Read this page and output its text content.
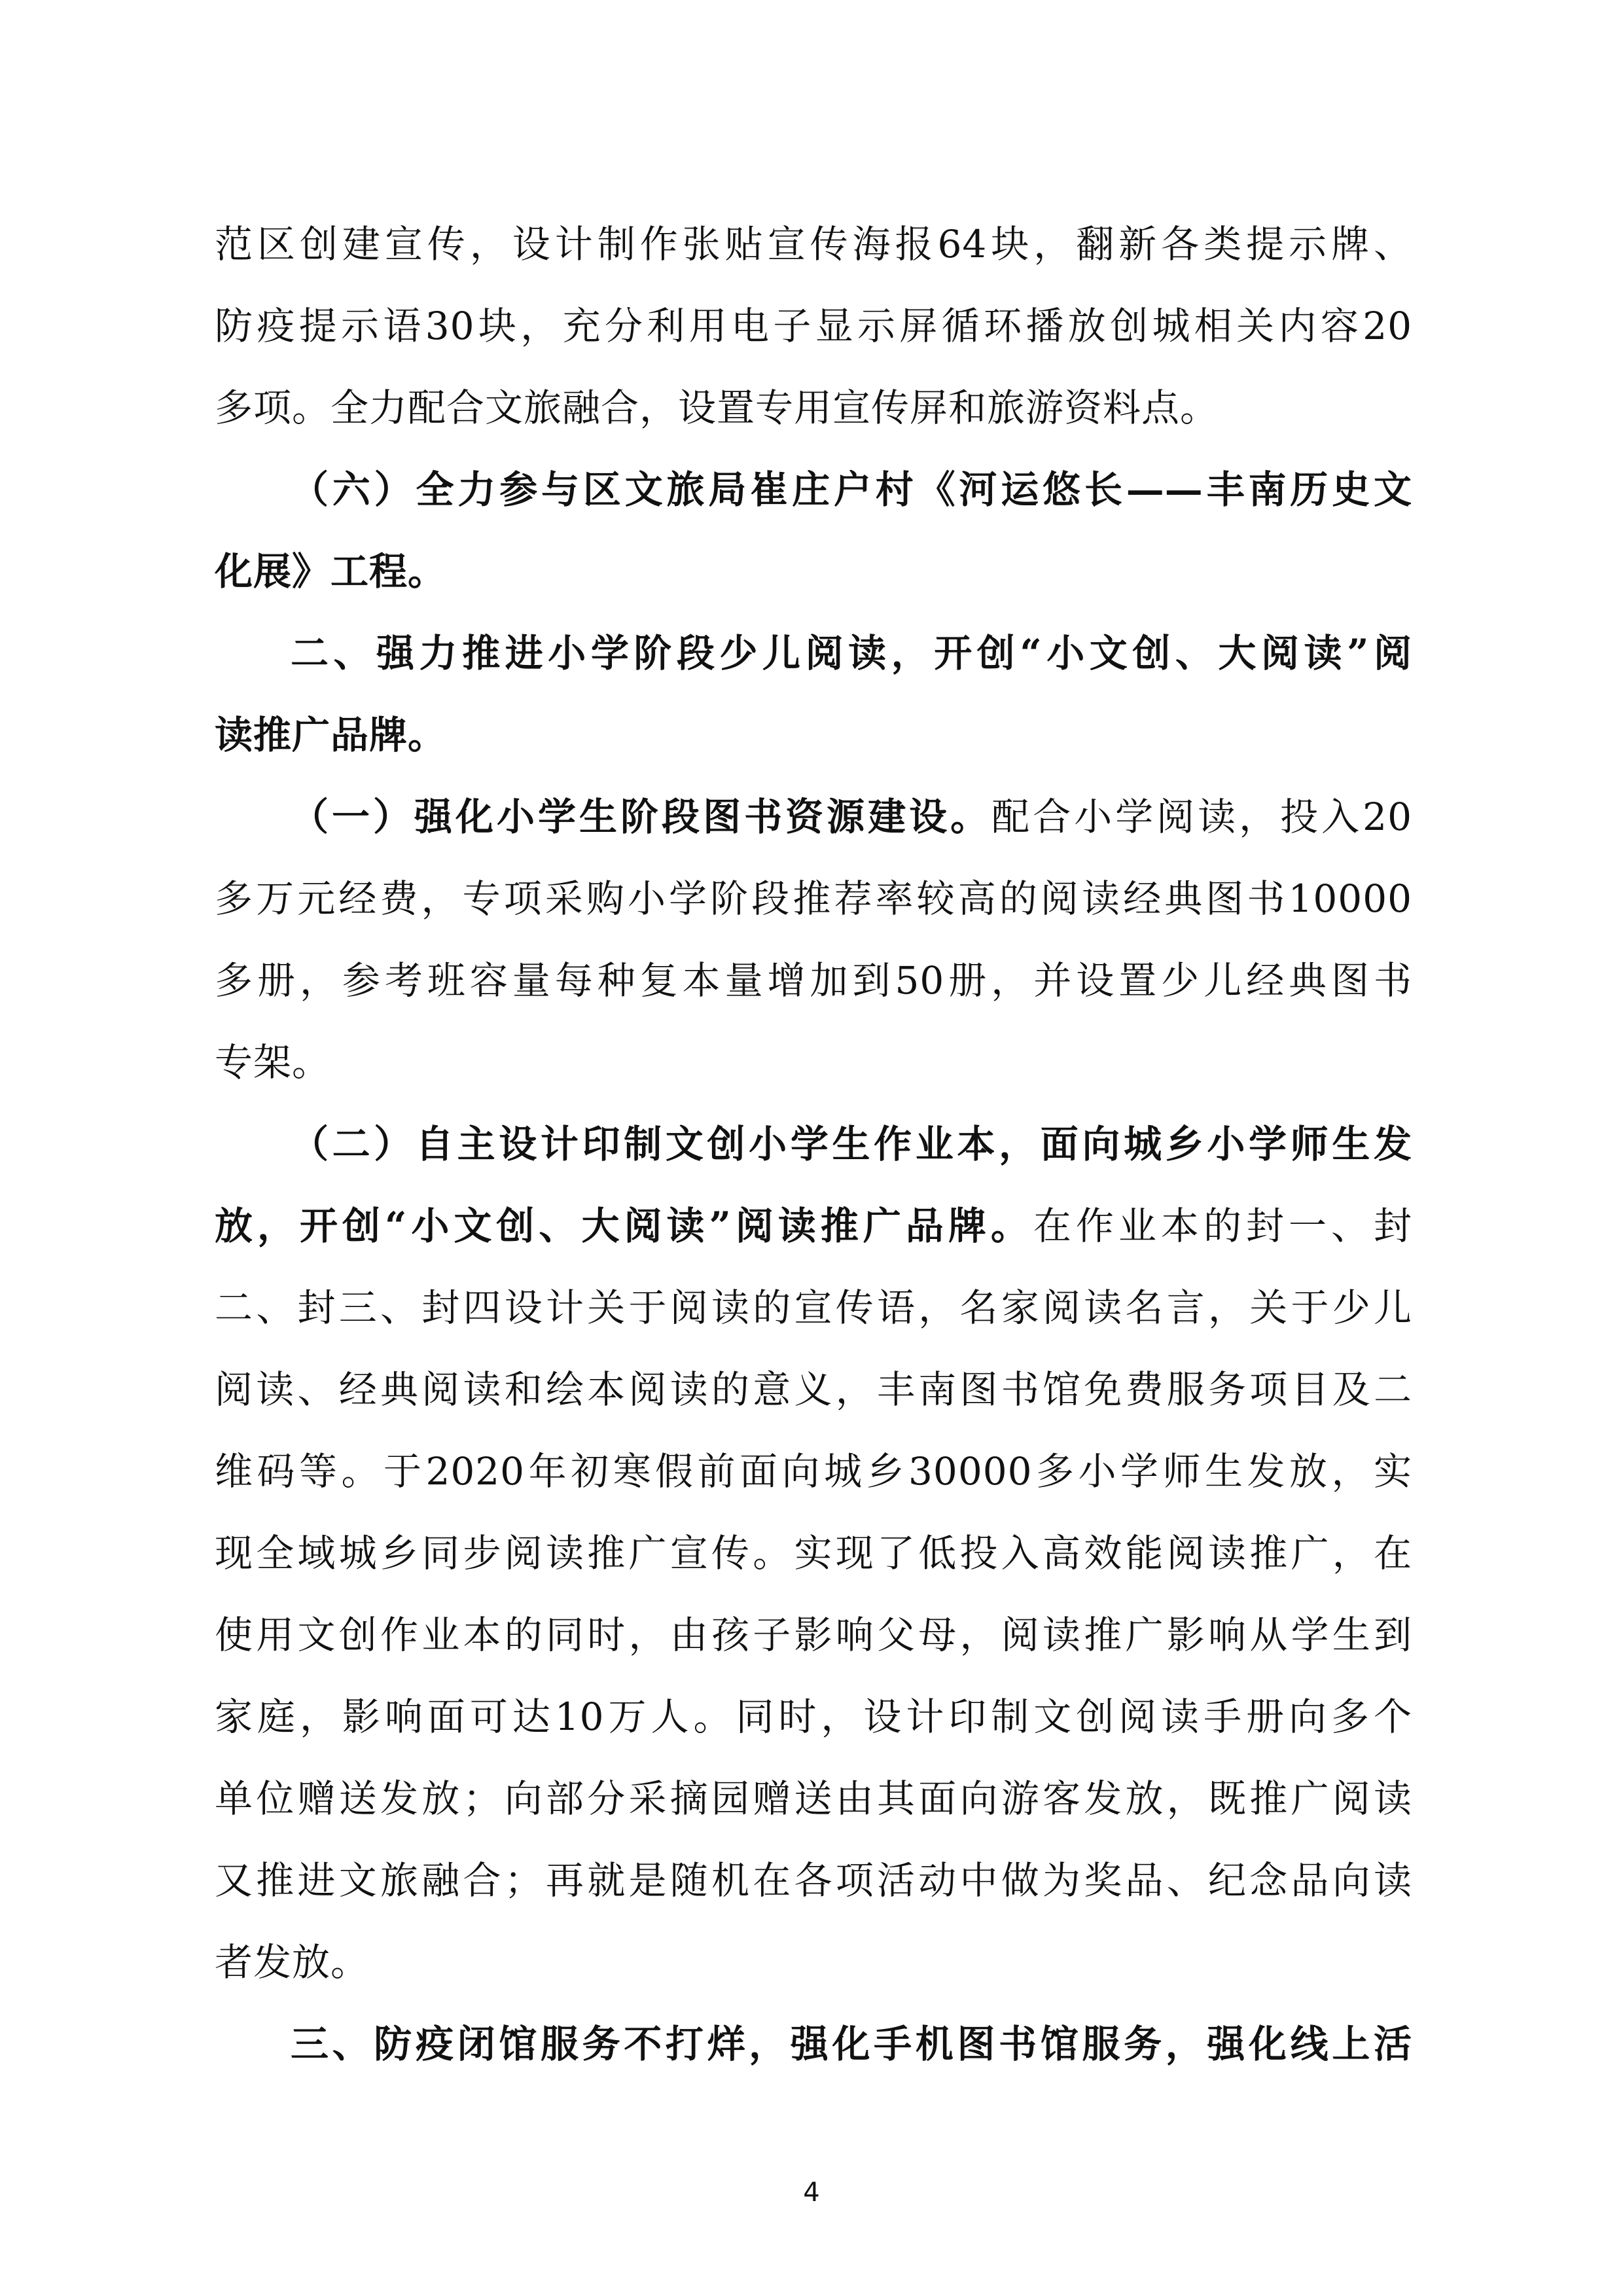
范区创建宣传，设计制作张贴宣传海报64块，翻新各类提示牌、
防疫提示语30块，充分利用电子显示屏循环播放创城相关内容20
多项。全力配合文旅融合，设置专用宣传屏和旅游资料点。
（六）全力参与区文旅局崔庄户村《河运悠长——丰南历史文
化展》工程。
二、强力推进小学阶段少儿阅读，开创“小文创、大阅读”阅
读推广品牌。
（一）强化小学生阶段图书资源建设。配合小学阅读，投入20
多万元经费，专项采购小学阶段推荐率较高的阅读经典图书10000
多册，参考班容量每种复本量增加到50册，并设置少儿经典图书
专架。
（二）自主设计印制文创小学生作业本，面向城乡小学师生发
放，开创“小文创、大阅读”阅读推广品牌。在作业本的封一、封
二、封三、封四设计关于阅读的宣传语，名家阅读名言，关于少儿
阅读、经典阅读和绘本阅读的意义，丰南图书馆免费服务项目及二
维码等。于2020年初寒假前面向城乡30000多小学师生发放，实
现全域城乡同步阅读推广宣传。实现了低投入高效能阅读推广，在
使用文创作业本的同时，由孩子影响父母，阅读推广影响从学生到
家庭，影响面可达10万人。同时，设计印制文创阅读手册向多个
单位赠送发放；向部分采摘园赠送由其面向游客发放，既推广阅读
又推进文旅融合；再就是随机在各项活动中做为奖品、纪念品向读
者发放。
三、防疫闭馆服务不打烊，强化手机图书馆服务，强化线上活
4
